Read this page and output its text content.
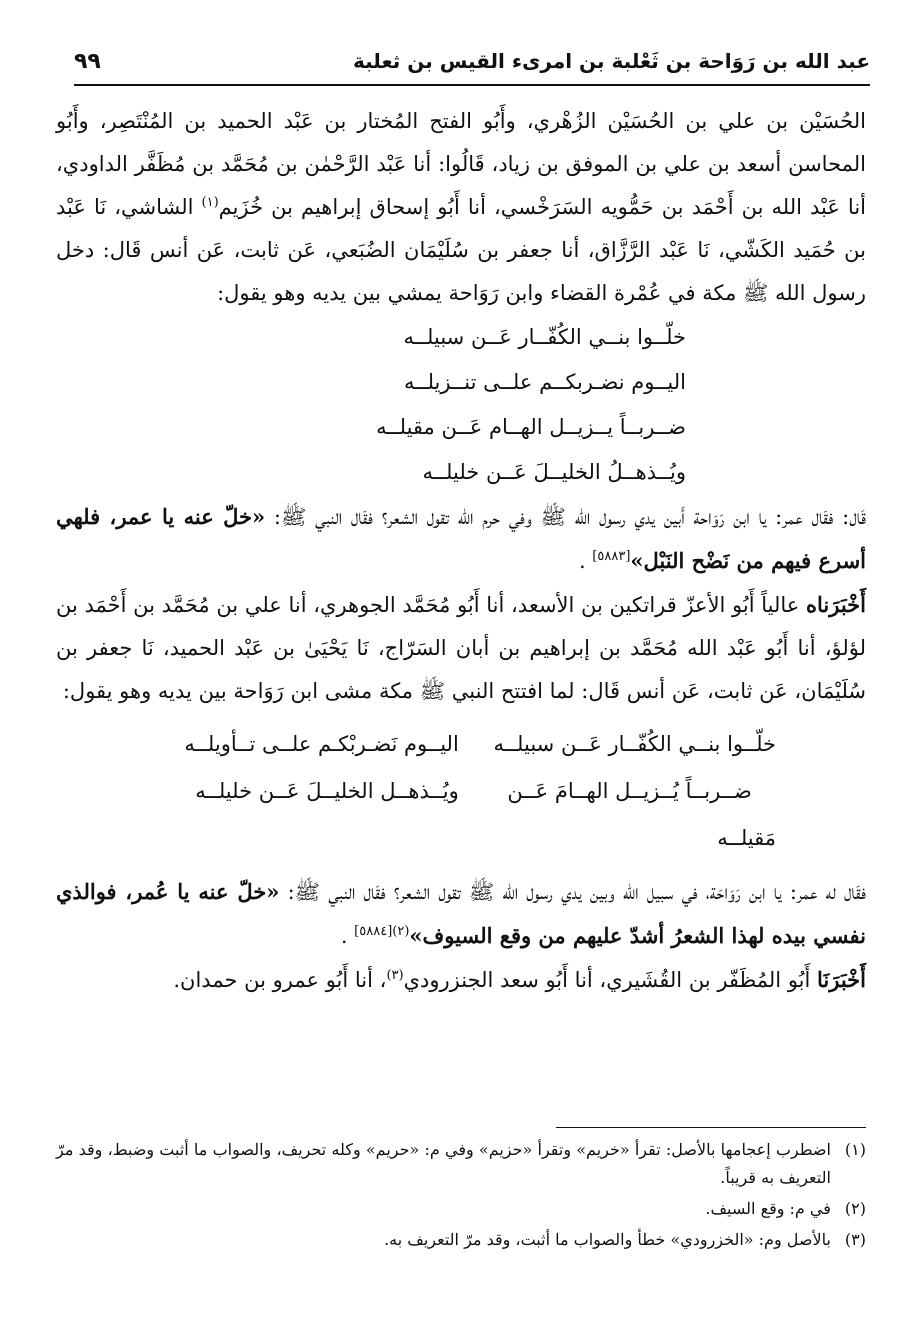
عبد الله بن رَوَاحة بن ثَعْلبة بن امرىء القيس بن ثعلبة
٩٩

الحُسَيْن بن علي بن الحُسَيْن الزُهْري، وأَبُو الفتح المُختار بن عَبْد الحميد بن المُنْتَصِر، وأَبُو المحاسن أسعد بن علي بن الموفق بن زياد، قَالُوا: أنا عَبْد الرَّحْمٰن بن مُحَمَّد بن مُظَفَّر الداودي، أنا عَبْد الله بن أَحْمَد بن حَمُّويه السَرَخْسي، أنا أَبُو إسحاق إبراهيم بن خُزَيم$^{(١)}$ الشاشي، نَا عَبْد بن حُمَيد الكَشّي، نَا عَبْد الرَّزَّاق، أنا جعفر بن سُلَيْمَان الضُبَعي، عَن ثابت، عَن أنس قَال: دخل رسول الله ﷺ مكة في عُمْرة القضاء وابن رَوَاحة يمشي بين يديه وهو يقول:

خلّــوا بنــي الكُفّــار عَــن سبيلــه

اليــوم نضـربكــم علــى تنــزيلــه

ضــربــاً يــزيــل الهــام عَــن مقيلــه

ويُــذهــلُ الخليــلَ عَــن خليلــه

قَال: فقَال عمر: يا ابن رَوَاحة أَبين يدي رسول الله ﷺ وفي حرم الله تقول الشعر؟ فقَال النبي ﷺ: «خلّ عنه يا عمر، فلهي أسرع فيهم من نَضْح النَبْل»[٥٨٨٣] .

أَخْبَرَناه عالياً أَبُو الأعزّ قراتكين بن الأسعد، أنا أَبُو مُحَمَّد الجوهري، أنا علي بن مُحَمَّد بن أَحْمَد بن لؤلؤ، أنا أَبُو عَبْد الله مُحَمَّد بن إبراهيم بن أبان السَرّاج، نَا يَحْيَىٰ بن عَبْد الحميد، نَا جعفر بن سُلَيْمَان، عَن ثابت، عَن أنس قَال: لما افتتح النبي ﷺ مكة مشى ابن رَوَاحة بين يديه وهو يقول:

خلّــوا بنــي الكُفّــار عَــن سبيلــه
اليــوم نَضـربْكـم علــى تــأويلــه
ضــربــاً يُــزيــل الهــامَ عَــن مَقيلــه
ويُــذهــل الخليــلَ عَــن خليلــه

فقَال له عمر: يا ابن رَوَاحَة، في سبيل الله وبين يدي رسول الله ﷺ تقول الشعر؟ فقَال النبي ﷺ: «خلّ عنه يا عُمر، فوالذي نفسي بيده لهذا الشعرُ أشدّ عليهم من وقع السيوف»$^{(٢)[٥٨٨٤]}$ .

أَخْبَرَنَا أَبُو المُظَفّر بن القُشَيري، أنا أَبُو سعد الجنزرودي$^{(٣)}$، أنا أَبُو عمرو بن حمدان.

(١)
اضطرب إعجامها بالأصل: تقرأ «خريم» وتقرأ «حزيم» وفي م: «حريم» وكله تحريف، والصواب ما أثبت وضبط، وقد مرّ التعريف به قريباً.
(٢)
في م: وقع السيف.
(٣)
بالأصل وم: «الخزرودي» خطأ والصواب ما أثبت، وقد مرّ التعريف به.
